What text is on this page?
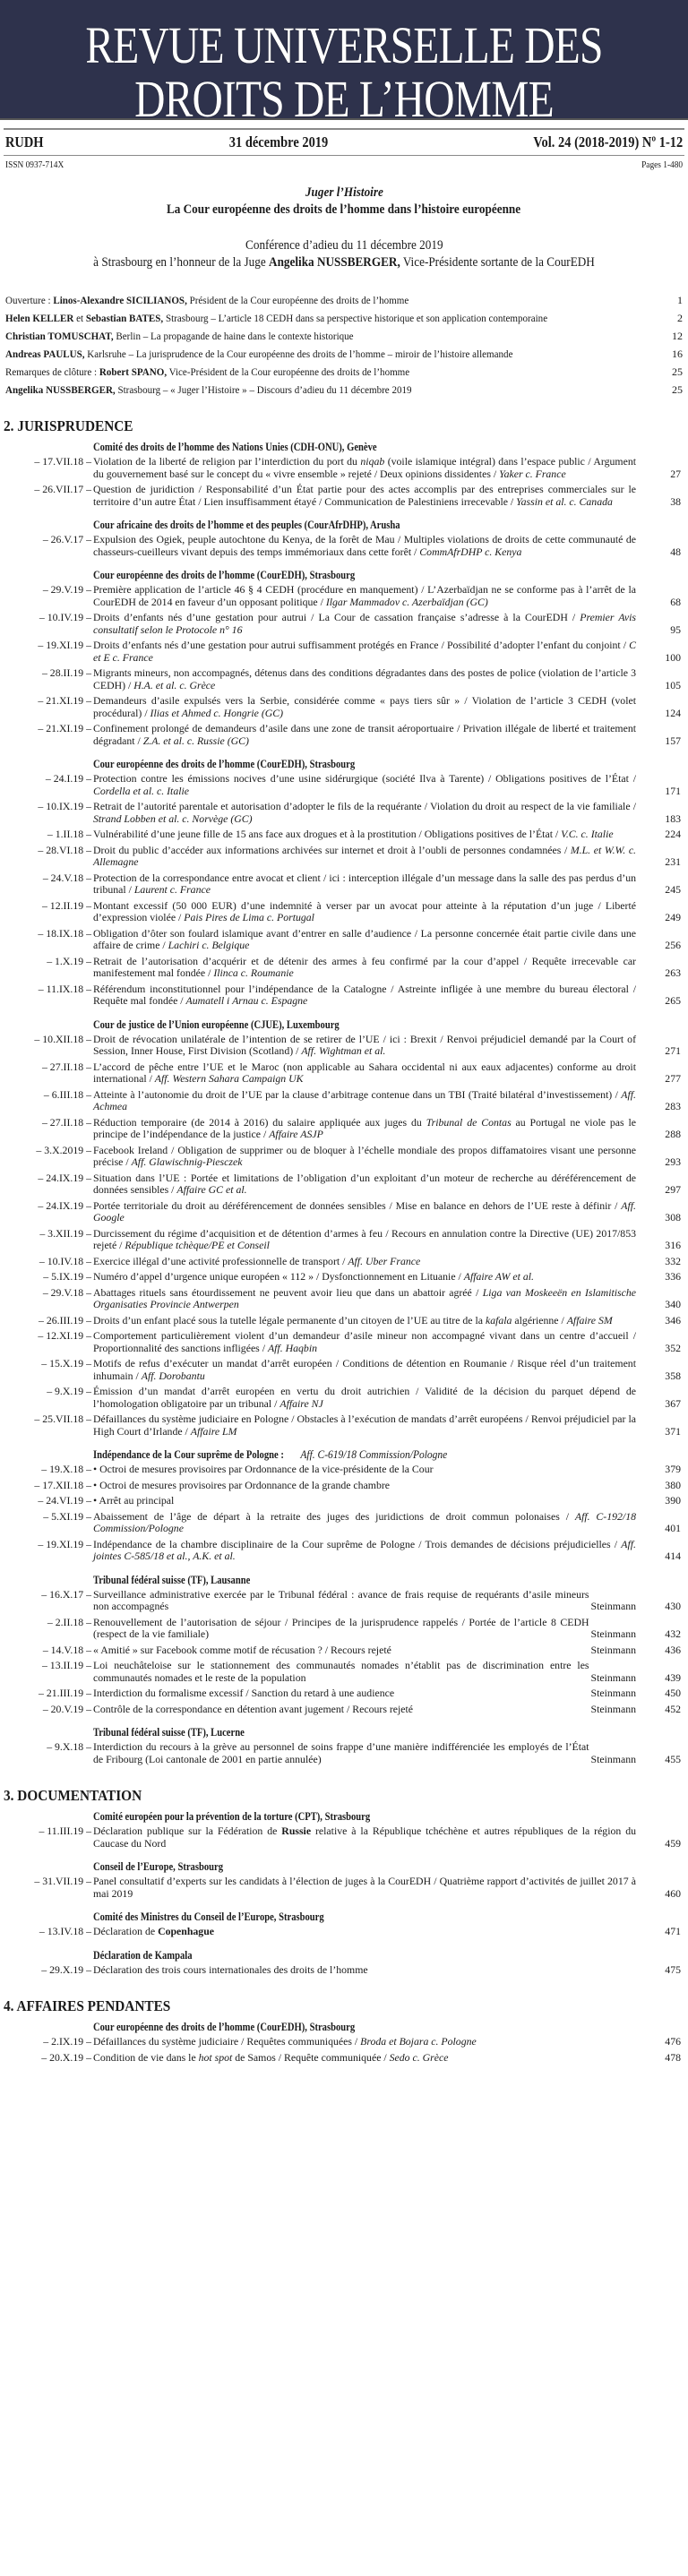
REVUE UNIVERSELLE DES
DROITS DE L’HOMME
RUDH	31 décembre 2019	Vol. 24 (2018-2019) Nº 1-12
ISSN 0937-714X	Pages 1-480
Juger l’Histoire
La Cour européenne des droits de l’homme dans l’histoire européenne
Conférence d’adieu du 11 décembre 2019
à Strasbourg en l’honneur de la Juge Angelika NUSSBERGER, Vice-Présidente sortante de la CourEDH
Ouverture : Linos-Alexandre SICILIANOS, Président de la Cour européenne des droits de l’homme	1
Helen KELLER et Sebastian BATES, Strasbourg – L’article 18 CEDH dans sa perspective historique et son application contemporaine	2
Christian TOMUSCHAT, Berlin – La propagande de haine dans le contexte historique	12
Andreas PAULUS, Karlsruhe – La jurisprudence de la Cour européenne des droits de l’homme – miroir de l’histoire allemande	16
Remarques de clôture : Robert SPANO, Vice-Président de la Cour européenne des droits de l’homme	25
Angelika NUSSBERGER, Strasbourg – « Juger l’Histoire » – Discours d’adieu du 11 décembre 2019	25
2. JURISPRUDENCE
Comité des droits de l’homme des Nations Unies (CDH-ONU), Genève
– 17.VII.18 – Violation de la liberté de religion par l’interdiction du port du niqab (voile islamique intégral) dans l’espace public / Argument du gouvernement basé sur le concept du « vivre ensemble » rejeté / Deux opinions dissidentes / Yaker c. France	27
– 26.VII.17 – Question de juridiction / Responsabilité d’un État partie pour des actes accomplis par des entreprises commerciales sur le territoire d’un autre État / Lien insuffisamment étayé / Communication de Palestiniens irrecevable / Yassin et al. c. Canada	38
Cour africaine des droits de l’homme et des peuples (CourAfrDHP), Arusha
– 26.V.17 – Expulsion des Ogiek, peuple autochtone du Kenya, de la forêt de Mau / Multiples violations de droits de cette communauté de chasseurs-cueilleurs vivant depuis des temps immémoriaux dans cette forêt / CommAfrDHP c. Kenya	48
Cour européenne des droits de l’homme (CourEDH), Strasbourg
– 29.V.19 – Première application de l’article 46 § 4 CEDH (procédure en manquement) / L’Azerbaïdjan ne se conforme pas à l’arrêt de la CourEDH de 2014 en faveur d’un opposant politique / Ilgar Mammadov c. Azerbaïdjan (GC)	68
– 10.IV.19 – Droits d’enfants nés d’une gestation pour autrui / La Cour de cassation française s’adresse à la CourEDH / Premier Avis consultatif selon le Protocole n° 16	95
– 19.XI.19 – Droits d’enfants nés d’une gestation pour autrui suffisamment protégés en France / Possibilité d’adopter l’enfant du conjoint / C et E c. France	100
– 28.II.19 – Migrants mineurs, non accompagnés, détenus dans des conditions dégradantes dans des postes de police (violation de l’article 3 CEDH) / H.A. et al. c. Grèce	105
– 21.XI.19 – Demandeurs d’asile expulsés vers la Serbie, considérée comme « pays tiers sûr » / Violation de l’article 3 CEDH (volet procédural) / Ilias et Ahmed c. Hongrie (GC)	124
– 21.XI.19 – Confinement prolongé de demandeurs d’asile dans une zone de transit aéroportuaire / Privation illégale de liberté et traitement dégradant / Z.A. et al. c. Russie (GC)	157
Cour européenne des droits de l’homme (CourEDH), Strasbourg
– 24.I.19 – Protection contre les émissions nocives d’une usine sidérurgique (société Ilva à Tarente) / Obligations positives de l’État / Cordella et al. c. Italie	171
– 10.IX.19 – Retrait de l’autorité parentale et autorisation d’adopter le fils de la requérante / Violation du droit au respect de la vie familiale / Strand Lobben et al. c. Norvège (GC)	183
– 1.II.18 – Vulnérabilité d’une jeune fille de 15 ans face aux drogues et à la prostitution / Obligations positives de l’État / V.C. c. Italie	224
– 28.VI.18 – Droit du public d’accéder aux informations archivées sur internet et droit à l’oubli de personnes condamnées / M.L. et W.W. c. Allemagne	231
– 24.V.18 – Protection de la correspondance entre avocat et client / ici : interception illégale d’un message dans la salle des pas perdus d’un tribunal / Laurent c. France	245
– 12.II.19 – Montant excessif (50 000 EUR) d’une indemnité à verser par un avocat pour atteinte à la réputation d’un juge / Liberté d’expression violée / Pais Pires de Lima c. Portugal	249
– 18.IX.18 – Obligation d’ôter son foulard islamique avant d’entrer en salle d’audience / La personne concernée était partie civile dans une affaire de crime / Lachiri c. Belgique	256
– 1.X.19 – Retrait de l’autorisation d’acquérir et de détenir des armes à feu confirmé par la cour d’appel / Requête irrecevable car manifestement mal fondée / Ilinca c. Roumanie	263
– 11.IX.18 – Référendum inconstitutionnel pour l’indépendance de la Catalogne / Astreinte infligée à une membre du bureau électoral / Requête mal fondée / Aumatell i Arnau c. Espagne	265
Cour de justice de l’Union européenne (CJUE), Luxembourg
– 10.XII.18 – Droit de révocation unilatérale de l’intention de se retirer de l’UE / ici : Brexit / Renvoi préjudiciel demandé par la Court of Session, Inner House, First Division (Scotland) / Aff. Wightman et al.	271
– 27.II.18 – L’accord de pêche entre l’UE et le Maroc (non applicable au Sahara occidental ni aux eaux adjacentes) conforme au droit international / Aff. Western Sahara Campaign UK	277
– 6.III.18 – Atteinte à l’autonomie du droit de l’UE par la clause d’arbitrage contenue dans un TBI (Traité bilatéral d’investissement) / Aff. Achmea	283
– 27.II.18 – Réduction temporaire (de 2014 à 2016) du salaire appliquée aux juges du Tribunal de Contas au Portugal ne viole pas le principe de l’indépendance de la justice / Affaire ASJP	288
– 3.X.2019 – Facebook Ireland / Obligation de supprimer ou de bloquer à l’échelle mondiale des propos diffamatoires visant une personne précise / Aff. Glawischnig-Piesczek	293
– 24.IX.19 – Situation dans l’UE : Portée et limitations de l’obligation d’un exploitant d’un moteur de recherche au déréférencement de données sensibles / Affaire GC et al.	297
– 24.IX.19 – Portée territoriale du droit au déréférencement de données sensibles / Mise en balance en dehors de l’UE reste à définir / Aff. Google	308
– 3.XII.19 – Durcissement du régime d’acquisition et de détention d’armes à feu / Recours en annulation contre la Directive (UE) 2017/853 rejeté / République tchèque/PE et Conseil	316
– 10.IV.18 – Exercice illégal d’une activité professionnelle de transport / Aff. Uber France	332
– 5.IX.19 – Numéro d’appel d’urgence unique européen « 112 » / Dysfonctionnement en Lituanie / Affaire AW et al.	336
– 29.V.18 – Abattages rituels sans étourdissement ne peuvent avoir lieu que dans un abattoir agréé / Liga van Moskeeën en Islamitische Organisaties Provincie Antwerpen	340
– 26.III.19 – Droits d’un enfant placé sous la tutelle légale permanente d’un citoyen de l’UE au titre de la kafala algérienne / Affaire SM	346
– 12.XI.19 – Comportement particulièrement violent d’un demandeur d’asile mineur non accompagné vivant dans un centre d’accueil / Proportionnalité des sanctions infligées / Aff. Haqbin	352
– 15.X.19 – Motifs de refus d’exécuter un mandat d’arrêt européen / Conditions de détention en Roumanie / Risque réel d’un traitement inhumain / Aff. Dorobantu	358
– 9.X.19 – Émission d’un mandat d’arrêt européen en vertu du droit autrichien / Validité de la décision du parquet dépend de l’homologation obligatoire par un tribunal / Affaire NJ	367
– 25.VII.18 – Défaillances du système judiciaire en Pologne / Obstacles à l’exécution de mandats d’arrêt européens / Renvoi préjudiciel par la High Court d’Irlande / Affaire LM	371
Indépendance de la Cour suprême de Pologne :Aff. C-619/18 Commission/Pologne
– 19.X.18 – • Octroi de mesures provisoires par Ordonnance de la vice-présidente de la Cour	379
– 17.XII.18 – • Octroi de mesures provisoires par Ordonnance de la grande chambre	380
– 24.VI.19 – • Arrêt au principal	390
– 5.XI.19 – Abaissement de l’âge de départ à la retraite des juges des juridictions de droit commun polonaises / Aff. C-192/18 Commission/Pologne	401
– 19.XI.19 – Indépendance de la chambre disciplinaire de la Cour suprême de Pologne / Trois demandes de décisions préjudicielles / Aff. jointes C-585/18 et al., A.K. et al.	414
Tribunal fédéral suisse (TF), Lausanne
– 16.X.17 – Surveillance administrative exercée par le Tribunal fédéral : avance de frais requise de requérants d’asile mineurs non accompagnés	Steinmann	430
– 2.II.18 – Renouvellement de l’autorisation de séjour / Principes de la jurisprudence rappelés / Portée de l’article 8 CEDH (respect de la vie familiale)	Steinmann	432
– 14.V.18 – « Amitié » sur Facebook comme motif de récusation ? / Recours rejeté	Steinmann	436
– 13.II.19 – Loi neuchâteloise sur le stationnement des communautés nomades n’établit pas de discrimination entre les communautés nomades et le reste de la population	Steinmann	439
– 21.III.19 – Interdiction du formalisme excessif / Sanction du retard à une audience	Steinmann	450
– 20.V.19 – Contrôle de la correspondance en détention avant jugement / Recours rejeté	Steinmann	452
Tribunal fédéral suisse (TF), Lucerne
– 9.X.18 – Interdiction du recours à la grève au personnel de soins frappe d’une manière indifférenciée les employés de l’État de Fribourg (Loi cantonale de 2001 en partie annulée)	Steinmann	455
3. DOCUMENTATION
Comité européen pour la prévention de la torture (CPT), Strasbourg
– 11.III.19 – Déclaration publique sur la Fédération de Russie relative à la République tchéchène et autres républiques de la région du Caucase du Nord	459
Conseil de l’Europe, Strasbourg
– 31.VII.19 – Panel consultatif d’experts sur les candidats à l’élection de juges à la CourEDH / Quatrième rapport d’activités de juillet 2017 à mai 2019	460
Comité des Ministres du Conseil de l’Europe, Strasbourg
– 13.IV.18 – Déclaration de Copenhague	471
Déclaration de Kampala
– 29.X.19 – Déclaration des trois cours internationales des droits de l’homme	475
4. AFFAIRES PENDANTES
Cour européenne des droits de l’homme (CourEDH), Strasbourg
– 2.IX.19 – Défaillances du système judiciaire / Requêtes communiquées / Broda et Bojara c. Pologne	476
– 20.X.19 – Condition de vie dans le hot spot de Samos / Requête communiquée / Sedo c. Grèce	478
